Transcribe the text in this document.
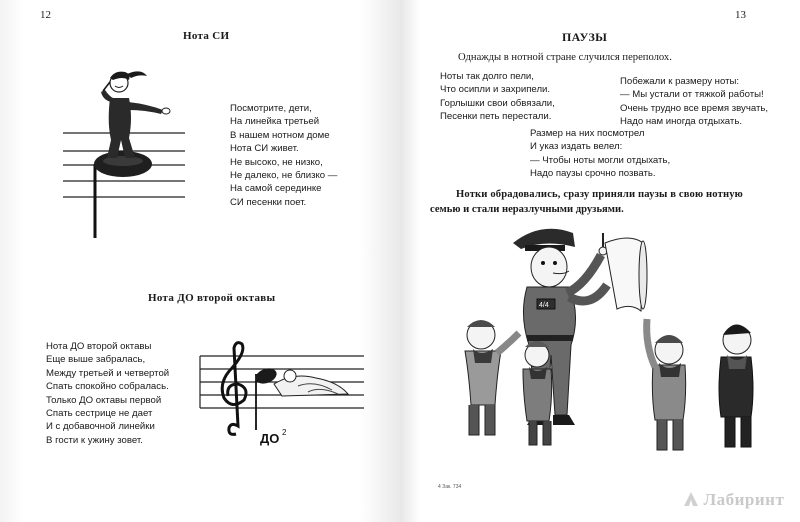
12
Нота СИ
Посмотрите, дети,
На линейка третьей
В нашем нотном доме
Нота СИ живет.
Не высоко, не низко,
Не далеко, не близко —
На самой серединке
СИ песенки поет.
Нота ДО второй октавы
Нота ДО второй октавы
Еще выше забралась,
Между третьей и четвертой
Спать спокойно собралась.
Только ДО октавы первой
Спать сестрице не дает
И с добавочной линейки
В гости к ужину зовет.	ДО 2
13
ПАУЗЫ
Однажды в нотной стране случился переполох.
Ноты так долго пели,
Что осипли и захрипели.
Горлышки свои обвязали,
Песенки петь перестали.
Побежали к размеру ноты:
— Мы устали от тяжкой работы!
Очень трудно все время звучать,
Надо нам иногда отдыхать.
Размер на них посмотрел
И указ издать велел:
— Чтобы ноты могли отдыхать,
Надо паузы срочно позвать.
Нотки обрадовались, сразу приняли паузы в свою нотную
семью и стали неразлучными друзьями.
4/4
4 Зак. 734
Лабиринт
